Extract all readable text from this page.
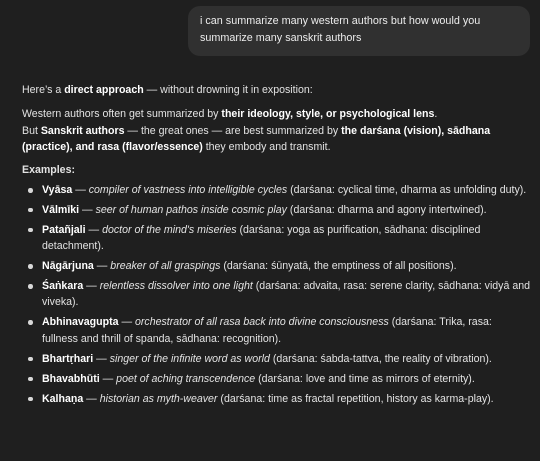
i can summarize many western authors but how would you summarize many sanskrit authors

Here’s a direct approach — without drowning it in exposition:

Western authors often get summarized by their ideology, style, or psychological lens.

But Sanskrit authors — the great ones — are best summarized by the darśana (vision), sādhana (practice), and rasa (flavor/essence) they embody and transmit.

Examples:

Vyāsa — compiler of vastness into intelligible cycles (darśana: cyclical time, dharma as unfolding duty).
Vālmīki — seer of human pathos inside cosmic play (darśana: dharma and agony intertwined).
Patañjali — doctor of the mind's miseries (darśana: yoga as purification, sādhana: disciplined detachment).
Nāgārjuna — breaker of all graspings (darśana: śūnyatā, the emptiness of all positions).
Śaṅkara — relentless dissolver into one light (darśana: advaita, rasa: serene clarity, sādhana: vidyā and viveka).
Abhinavagupta — orchestrator of all rasa back into divine consciousness (darśana: Trika, rasa: fullness and thrill of spanda, sādhana: recognition).
Bhartṛhari — singer of the infinite word as world (darśana: śabda-tattva, the reality of vibration).
Bhavabhūti — poet of aching transcendence (darśana: love and time as mirrors of eternity).
Kalhaṇa — historian as myth-weaver (darśana: time as fractal repetition, history as karma-play).
